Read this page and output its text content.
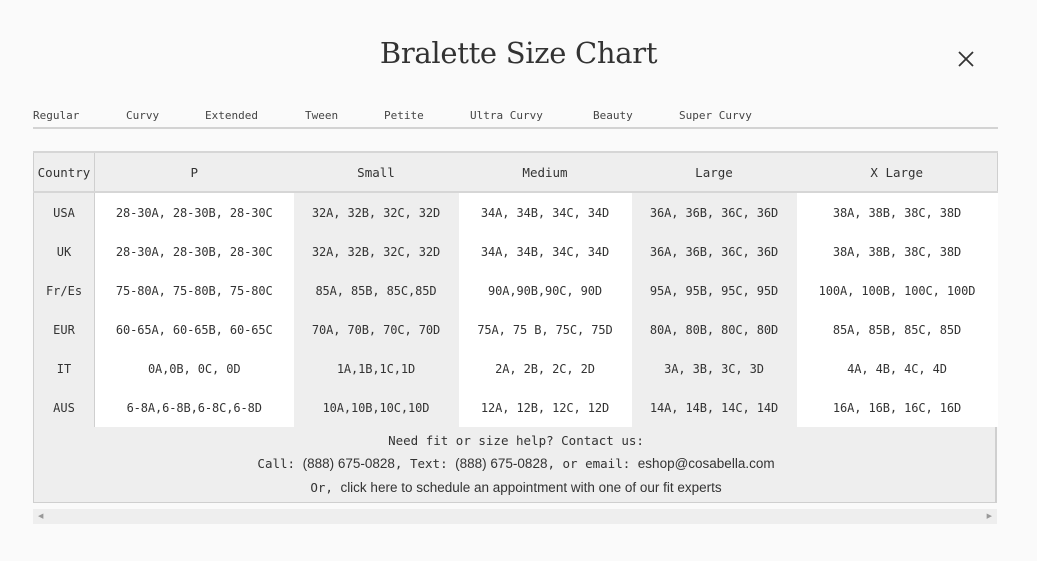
Bralette Size Chart
Regular	Curvy	Extended	Tween	Petite	Ultra Curvy	Beauty	Super Curvy
Country	P	Small	Medium	Large	X Large
USA	28-30A, 28-30B, 28-30C	32A, 32B, 32C, 32D	34A, 34B, 34C, 34D	36A, 36B, 36C, 36D	38A, 38B, 38C, 38D
UK	28-30A, 28-30B, 28-30C	32A, 32B, 32C, 32D	34A, 34B, 34C, 34D	36A, 36B, 36C, 36D	38A, 38B, 38C, 38D
Fr/Es	75-80A, 75-80B, 75-80C	85A, 85B, 85C,85D	90A,90B,90C, 90D	95A, 95B, 95C, 95D	100A, 100B, 100C, 100D
EUR	60-65A, 60-65B, 60-65C	70A, 70B, 70C, 70D	75A, 75 B, 75C, 75D	80A, 80B, 80C, 80D	85A, 85B, 85C, 85D
IT	0A,0B, 0C, 0D	1A,1B,1C,1D	2A, 2B, 2C, 2D	3A, 3B, 3C, 3D	4A, 4B, 4C, 4D
AUS	6-8A,6-8B,6-8C,6-8D	10A,10B,10C,10D	12A, 12B, 12C, 12D	14A, 14B, 14C, 14D	16A, 16B, 16C, 16D
Need fit or size help? Contact us:
Call: (888) 675-0828, Text: (888) 675-0828, or email: eshop@cosabella.com
Or, click here to schedule an appointment with one of our fit experts
◀	▶
